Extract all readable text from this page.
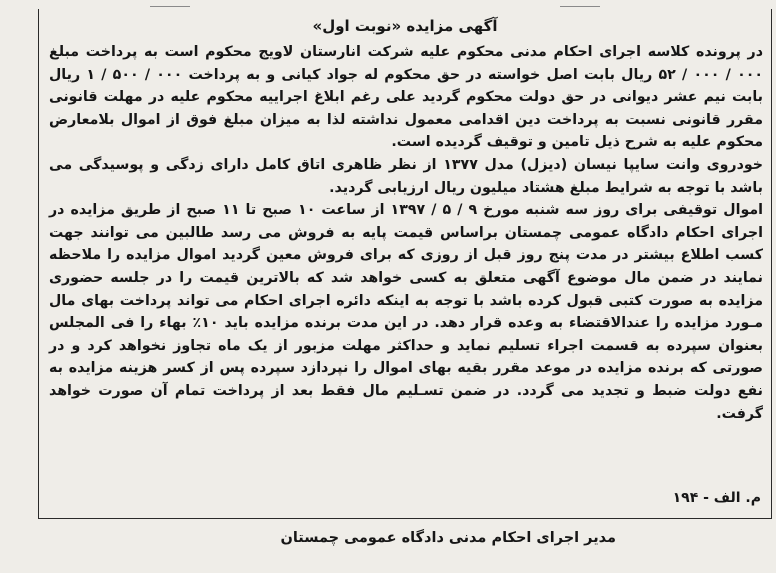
آگهی مزایده «نوبت اول»

در پرونده کلاسه اجرای احکام مدنی محکوم علیه شرکت انارستان لاویج محکوم است به پرداخت مبلغ ۰۰۰ / ۰۰۰ / ۵۲ ریال بابت اصل خواسته در حق محکوم له جواد کیانی و به پرداخت ۰۰۰ / ۵۰۰ / ۱ ریال بابت نیم عشر دیوانی در حق دولت محکوم گردید علی رغم ابلاغ اجراییه محکوم علیه در مهلت قانونی مقرر قانونی نسبت به پرداخت دین اقدامی معمول نداشته لذا به میزان مبلغ فوق از اموال بلامعارض محکوم علیه به شرح ذیل تامین و توقیف گردیده است.

خودروی وانت سایپا نیسان (دیزل) مدل ۱۳۷۷ از نظر ظاهری اتاق کامل دارای زدگی و پوسیدگی می باشد با توجه به شرایط مبلغ هشتاد میلیون ریال ارزیابی گردید.

اموال توقیفی برای روز سه شنبه مورخ ۹ / ۵ / ۱۳۹۷ از ساعت ۱۰ صبح تا ۱۱ صبح از طریق مزایده در اجرای احکام دادگاه عمومی چمستان براساس قیمت پایه به فروش می رسد طالبین می توانند جهت کسب اطلاع بیشتر در مدت پنج روز قبل از روزی که برای فروش معین گردید اموال مزایده را ملاحظه نمایند در ضمن مال موضوع آگهی متعلق به کسی خواهد شد که بالاترین قیمت را در جلسه حضوری مزایده به صورت کتبی قبول کرده باشد با توجه به اینکه دائره اجرای احکام می تواند پرداخت بهای مال مـورد مزایده را عندالاقتضاء به وعده قرار دهد. در این مدت برنده مزایده باید ۱۰٪ بهاء را فی المجلس بعنوان سپرده به قسمت اجراء تسلیم نماید و حداکثر مهلت مزبور از یک ماه تجاوز نخواهد کرد و در صورتی که برنده مزایده در موعد مقرر بقیه بهای اموال را نپردازد سپرده پس از کسر هزینه مزایده به نفع دولت ضبط و تجدید می گردد. در ضمن تسـلیم مال فقط بعد از پرداخت تمام آن صورت خواهد گرفت.

م. الف - ۱۹۴
مدیر اجرای احکام مدنی دادگاه عمومی چمستان
